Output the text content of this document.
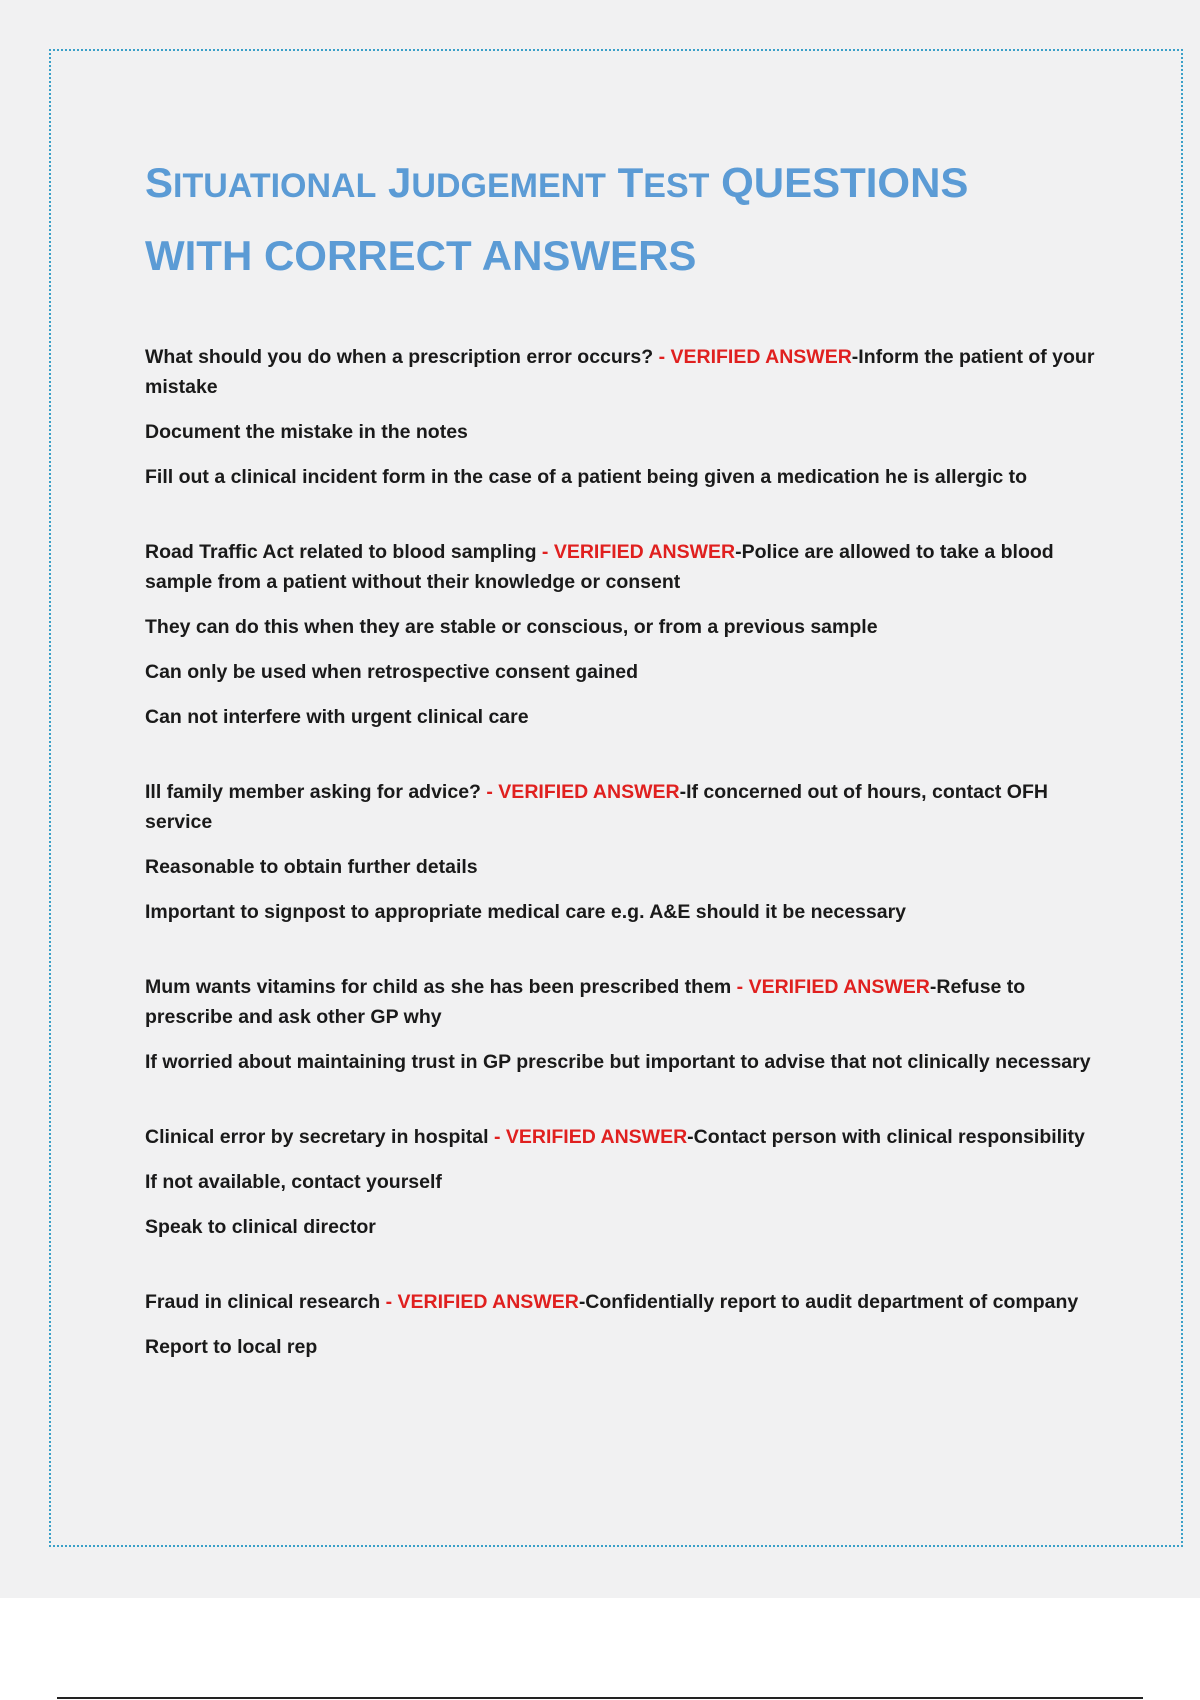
SITUATIONAL JUDGEMENT TEST QUESTIONS
WITH CORRECT ANSWERS

What should you do when a prescription error occurs? - VERIFIED ANSWER-Inform the patient of your mistake

Document the mistake in the notes

Fill out a clinical incident form in the case of a patient being given a medication he is allergic to

Road Traffic Act related to blood sampling - VERIFIED ANSWER-Police are allowed to take a blood sample from a patient without their knowledge or consent

They can do this when they are stable or conscious, or from a previous sample

Can only be used when retrospective consent gained

Can not interfere with urgent clinical care

Ill family member asking for advice? - VERIFIED ANSWER-If concerned out of hours, contact OFH service

Reasonable to obtain further details

Important to signpost to appropriate medical care e.g. A&E should it be necessary

Mum wants vitamins for child as she has been prescribed them - VERIFIED ANSWER-Refuse to prescribe and ask other GP why

If worried about maintaining trust in GP prescribe but important to advise that not clinically necessary

Clinical error by secretary in hospital - VERIFIED ANSWER-Contact person with clinical responsibility

If not available, contact yourself

Speak to clinical director

Fraud in clinical research - VERIFIED ANSWER-Confidentially report to audit department of company

Report to local rep
